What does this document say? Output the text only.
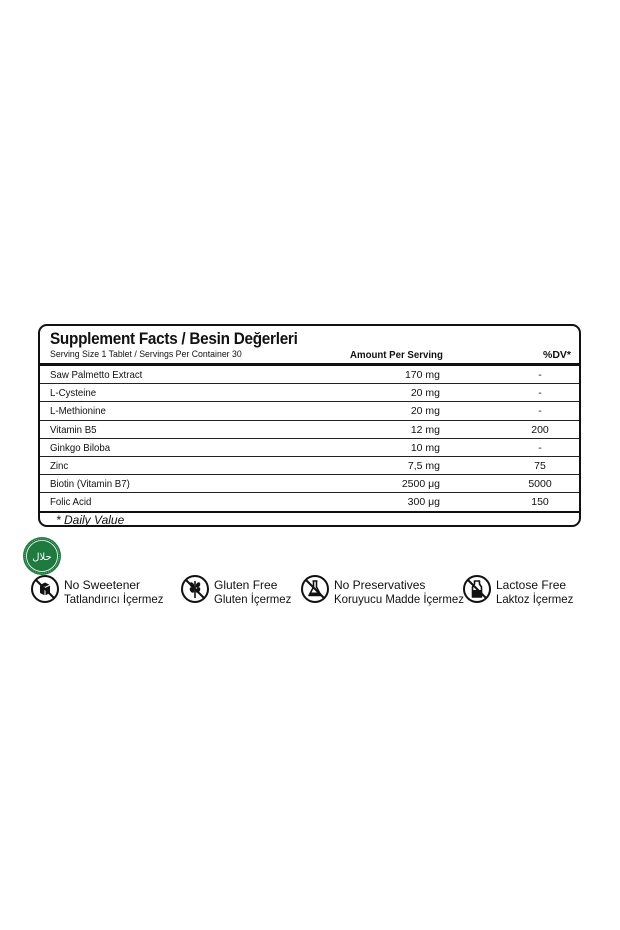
Supplement Facts / Besin Değerleri
Serving Size 1 Tablet / Servings Per Container 30	Amount Per Serving	%DV*
Saw Palmetto Extract	170 mg	-
L-Cysteine	20 mg	-
L-Methionine	20 mg	-
Vitamin B5	12 mg	200
Ginkgo Biloba	10 mg	-
Zinc	7,5 mg	75
Biotin (Vitamin B7)	2500 μg	5000
Folic Acid	300 μg	150
* Daily Value
حلال
No Sweetener
Tatlandırıcı İçermez
Gluten Free
Gluten İçermez
No Preservatives
Koruyucu Madde İçermez
Lactose Free
Laktoz İçermez
